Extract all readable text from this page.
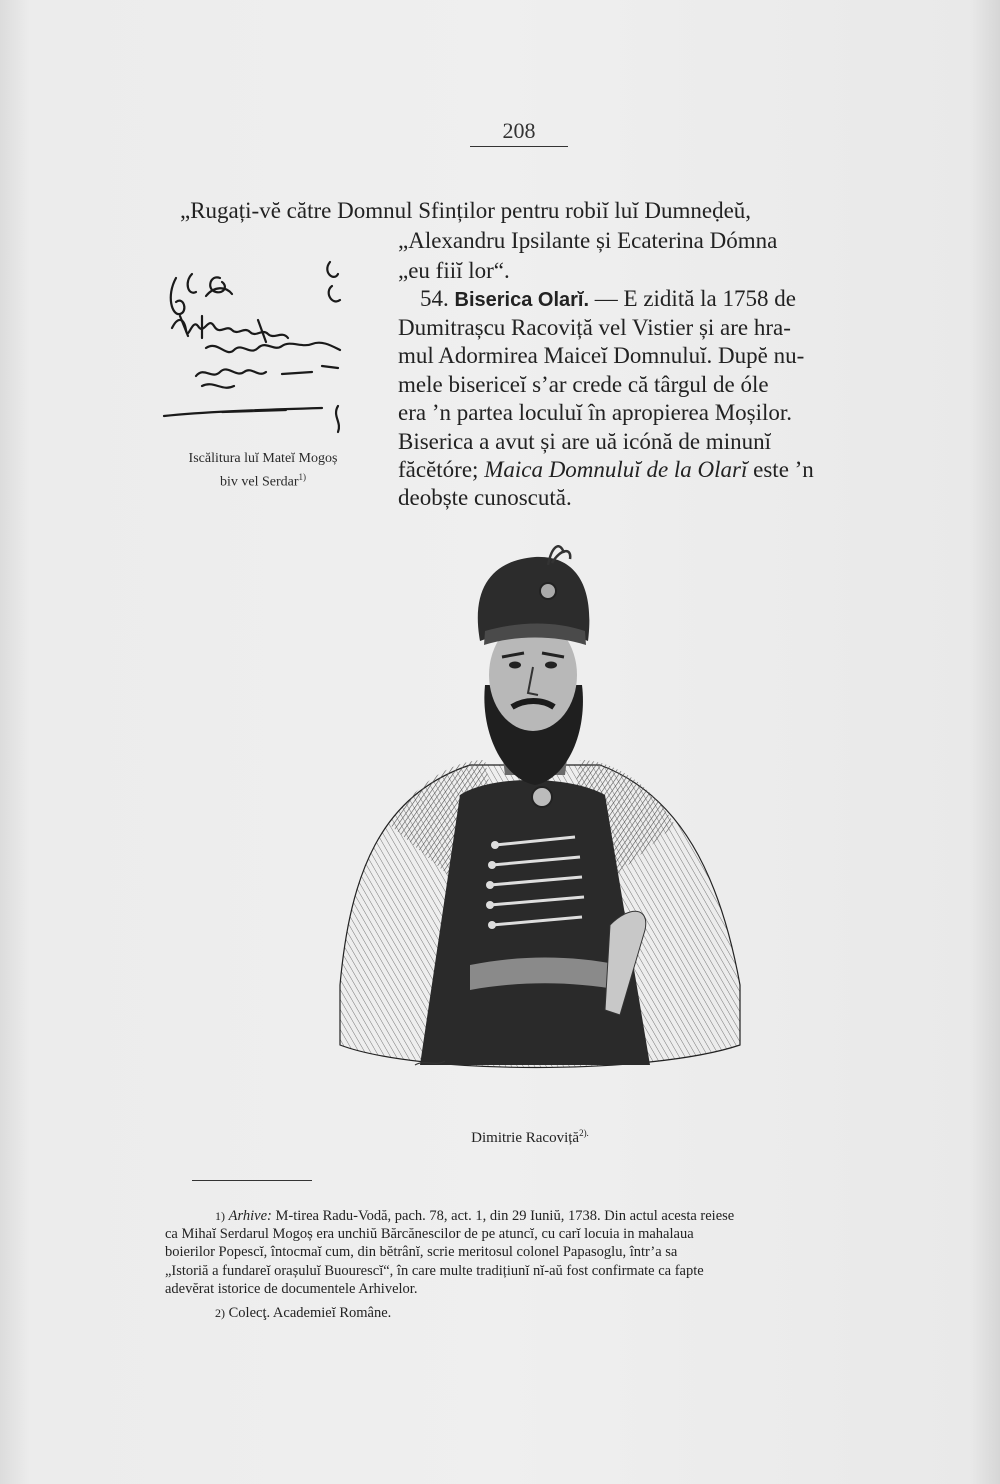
208
„Rugați-vĕ către Domnul Sfinților pentru robiĭ luĭ Dumneḍeŭ,
„Alexandru Ipsilante și Ecaterina Dómna
„eu fiiĭ lor“.
54. Biserica Olarĭ. — E zidită la 1758 de
Dumitrașcu Racoviță vel Vistier și are hra-
mul Adormirea Maiceĭ Domnuluĭ. Dupĕ nu-
mele bisericeĭ s’ar crede că târgul de óle
era ’n partea loculuĭ în apropierea Moșilor.
Biserica a avut și are uă icónă de minunĭ
făcĕtóre; Maica Domnuluĭ de la Olarĭ este ’n
deobște cunoscută.
Iscălitura luĭ Mateĭ Mogoș
biv vel Serdar$^{1)}$
Dimitrie Racoviță$^{2).}$
1) Arhive: M-tirea Radu-Vodă, pach. 78, act. 1, din 29 Iuniŭ, 1738. Din actul acesta reiese
ca Mihaĭ Serdarul Mogoș era unchiŭ Bărcănescilor de pe atuncĭ, cu carĭ locuia in mahalaua
boierilor Popescĭ, întocmaĭ cum, din bĕtrânĭ, scrie meritosul colonel Papasoglu, într’a sa
„Istoriă a fundareĭ orașuluĭ Buourescĭ“, în care multe tradițiunĭ nĭ-aŭ fost confirmate ca fapte
adevĕrat istorice de documentele Arhivelor.
2) Colecţ. Academieĭ Române.
